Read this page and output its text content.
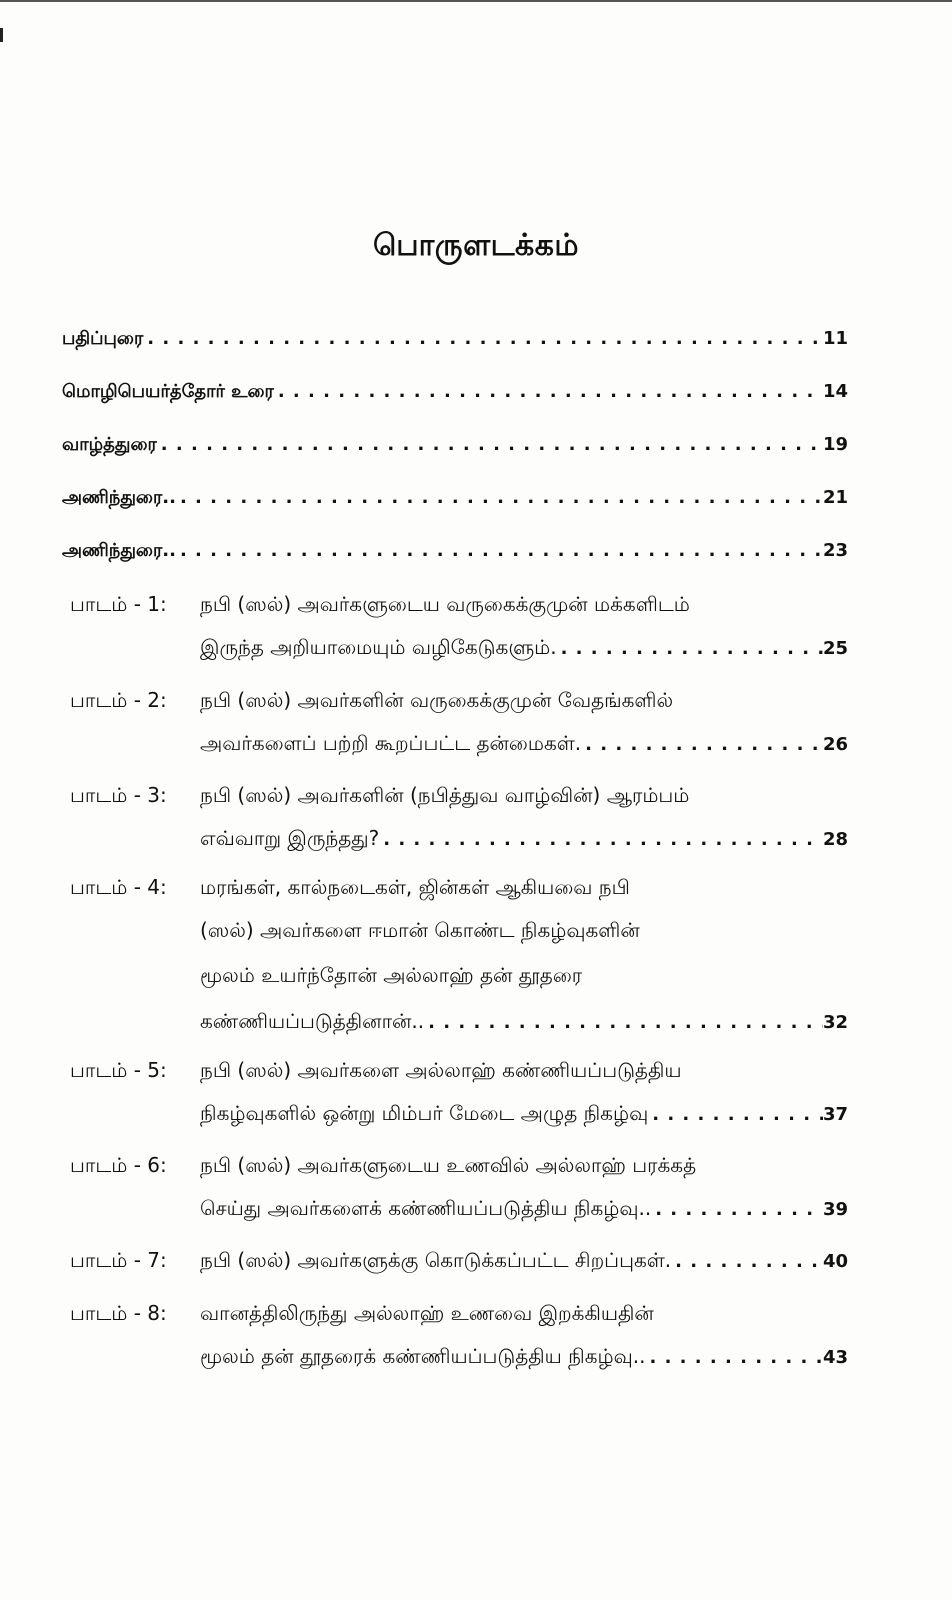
பொருளடக்கம்
பதிப்புரை . . .	11
மொழிபெயர்த்தோர் உரை . . .	14
வாழ்த்துரை . . .	19
அணிந்துரை.. . . .	21
அணிந்துரை.. . . .	23
பாடம் - 1: நபி (ஸல்) அவர்களுடைய வருகைக்குமுன் மக்களிடம்
இருந்த அறியாமையும் வழிகேடுகளும். . . .	25
பாடம் - 2: நபி (ஸல்) அவர்களின் வருகைக்குமுன் வேதங்களில்
அவர்களைப் பற்றி கூறப்பட்ட தன்மைகள். . . .	26
பாடம் - 3: நபி (ஸல்) அவர்களின் (நபித்துவ வாழ்வின்) ஆரம்பம்
எவ்வாறு இருந்தது? . . .	28
பாடம் - 4: மரங்கள், கால்நடைகள், ஜின்கள் ஆகியவை நபி
(ஸல்) அவர்களை ஈமான் கொண்ட நிகழ்வுகளின்
மூலம் உயர்ந்தோன் அல்லாஹ் தன் தூதரை
கண்ணியப்படுத்தினான்.. . . .	32
பாடம் - 5: நபி (ஸல்) அவர்களை அல்லாஹ் கண்ணியப்படுத்திய
நிகழ்வுகளில் ஒன்று மிம்பர் மேடை அழுத நிகழ்வு . . .	37
பாடம் - 6: நபி (ஸல்) அவர்களுடைய உணவில் அல்லாஹ் பரக்கத்
செய்து அவர்களைக் கண்ணியப்படுத்திய நிகழ்வு.. . . .	39
பாடம் - 7: நபி (ஸல்) அவர்களுக்கு கொடுக்கப்பட்ட சிறப்புகள். . . .	40
பாடம் - 8: வானத்திலிருந்து அல்லாஹ் உணவை இறக்கியதின்
மூலம் தன் தூதரைக் கண்ணியப்படுத்திய நிகழ்வு.. . . .	43
